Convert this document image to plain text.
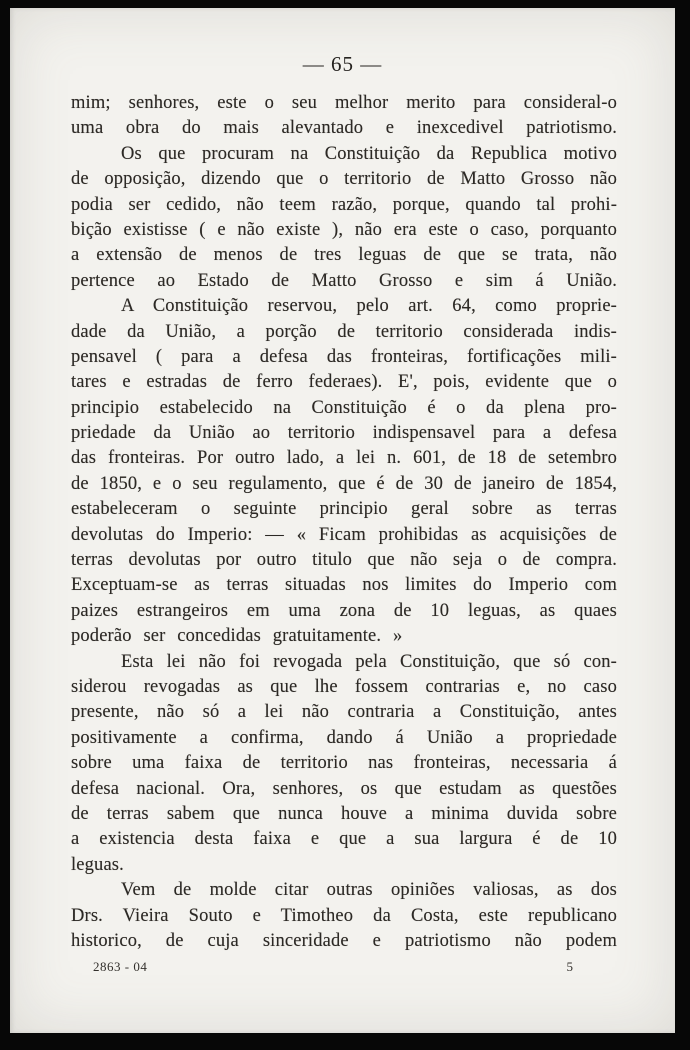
— 65 —
mim; senhores, este o seu melhor merito para consideral-o
uma obra do mais alevantado e inexcedivel patriotismo.
Os que procuram na Constituição da Republica motivo
de opposição, dizendo que o territorio de Matto Grosso não
podia ser cedido, não teem razão, porque, quando tal prohi-
bição existisse ( e não existe ), não era este o caso, porquanto
a extensão de menos de tres leguas de que se trata, não
pertence ao Estado de Matto Grosso e sim á União.
A Constituição reservou, pelo art. 64, como proprie-
dade da União, a porção de territorio considerada indis-
pensavel ( para a defesa das fronteiras, fortificações mili-
tares e estradas de ferro federaes). E', pois, evidente que o
principio estabelecido na Constituição é o da plena pro-
priedade da União ao territorio indispensavel para a defesa
das fronteiras. Por outro lado, a lei n. 601, de 18 de setembro
de 1850, e o seu regulamento, que é de 30 de janeiro de 1854,
estabeleceram o seguinte principio geral sobre as terras
devolutas do Imperio: — « Ficam prohibidas as acquisições de
terras devolutas por outro titulo que não seja o de compra.
Exceptuam-se as terras situadas nos limites do Imperio com
paizes estrangeiros em uma zona de 10 leguas, as quaes
poderão ser concedidas gratuitamente. »
Esta lei não foi revogada pela Constituição, que só con-
siderou revogadas as que lhe fossem contrarias e, no caso
presente, não só a lei não contraria a Constituição, antes
positivamente a confirma, dando á União a propriedade
sobre uma faixa de territorio nas fronteiras, necessaria á
defesa nacional. Ora, senhores, os que estudam as questões
de terras sabem que nunca houve a minima duvida sobre
a existencia desta faixa e que a sua largura é de 10
leguas.
Vem de molde citar outras opiniões valiosas, as dos
Drs. Vieira Souto e Timotheo da Costa, este republicano
historico, de cuja sinceridade e patriotismo não podem
2863 - 04	5
